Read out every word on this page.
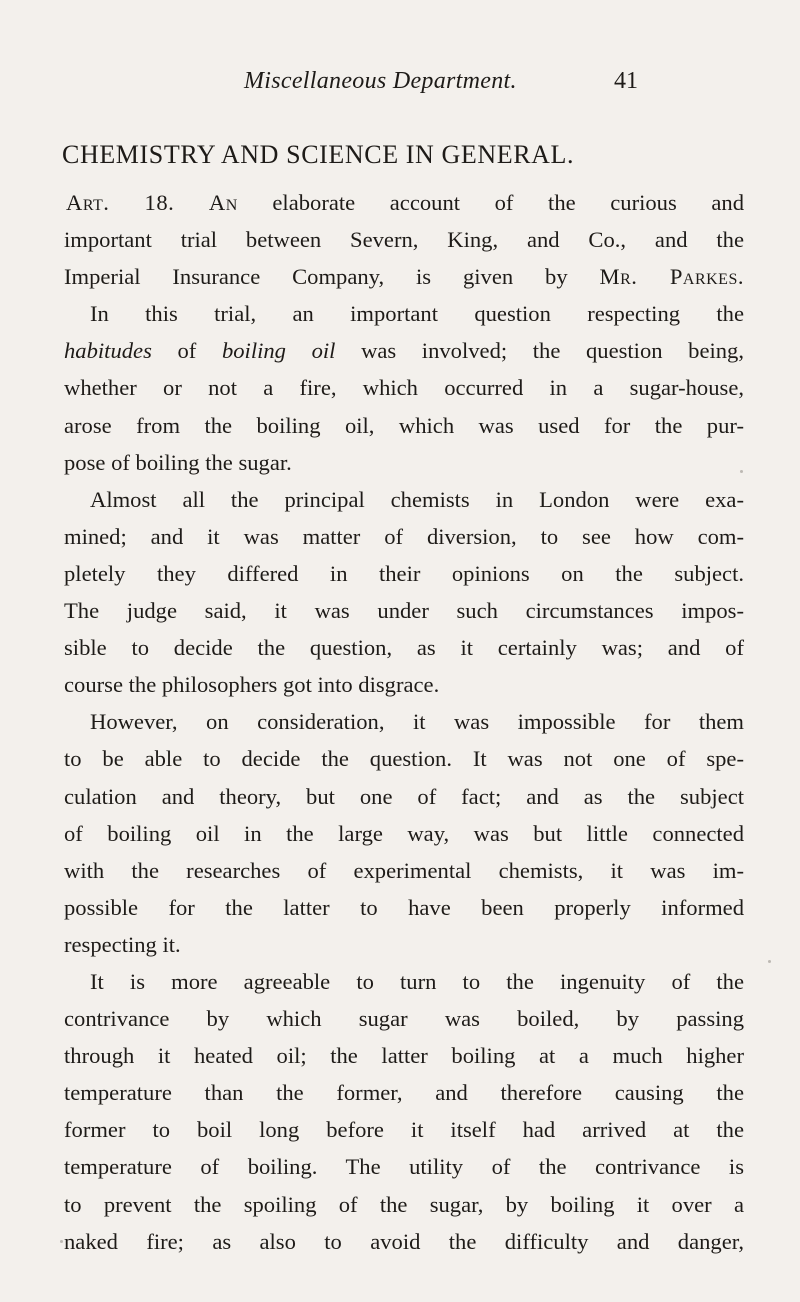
Miscellaneous Department.	41
CHEMISTRY AND SCIENCE IN GENERAL.
Art. 18. An elaborate account of the curious and
important trial between Severn, King, and Co., and the
Imperial Insurance Company, is given by Mr. Parkes.
In this trial, an important question respecting the
habitudes of boiling oil was involved; the question being,
whether or not a fire, which occurred in a sugar-house,
arose from the boiling oil, which was used for the pur-
pose of boiling the sugar.
Almost all the principal chemists in London were exa-
mined; and it was matter of diversion, to see how com-
pletely they differed in their opinions on the subject.
The judge said, it was under such circumstances impos-
sible to decide the question, as it certainly was; and of
course the philosophers got into disgrace.
However, on consideration, it was impossible for them
to be able to decide the question. It was not one of spe-
culation and theory, but one of fact; and as the subject
of boiling oil in the large way, was but little connected
with the researches of experimental chemists, it was im-
possible for the latter to have been properly informed
respecting it.
It is more agreeable to turn to the ingenuity of the
contrivance by which sugar was boiled, by passing
through it heated oil; the latter boiling at a much higher
temperature than the former, and therefore causing the
former to boil long before it itself had arrived at the
temperature of boiling. The utility of the contrivance is
to prevent the spoiling of the sugar, by boiling it over a
naked fire; as also to avoid the difficulty and danger,
